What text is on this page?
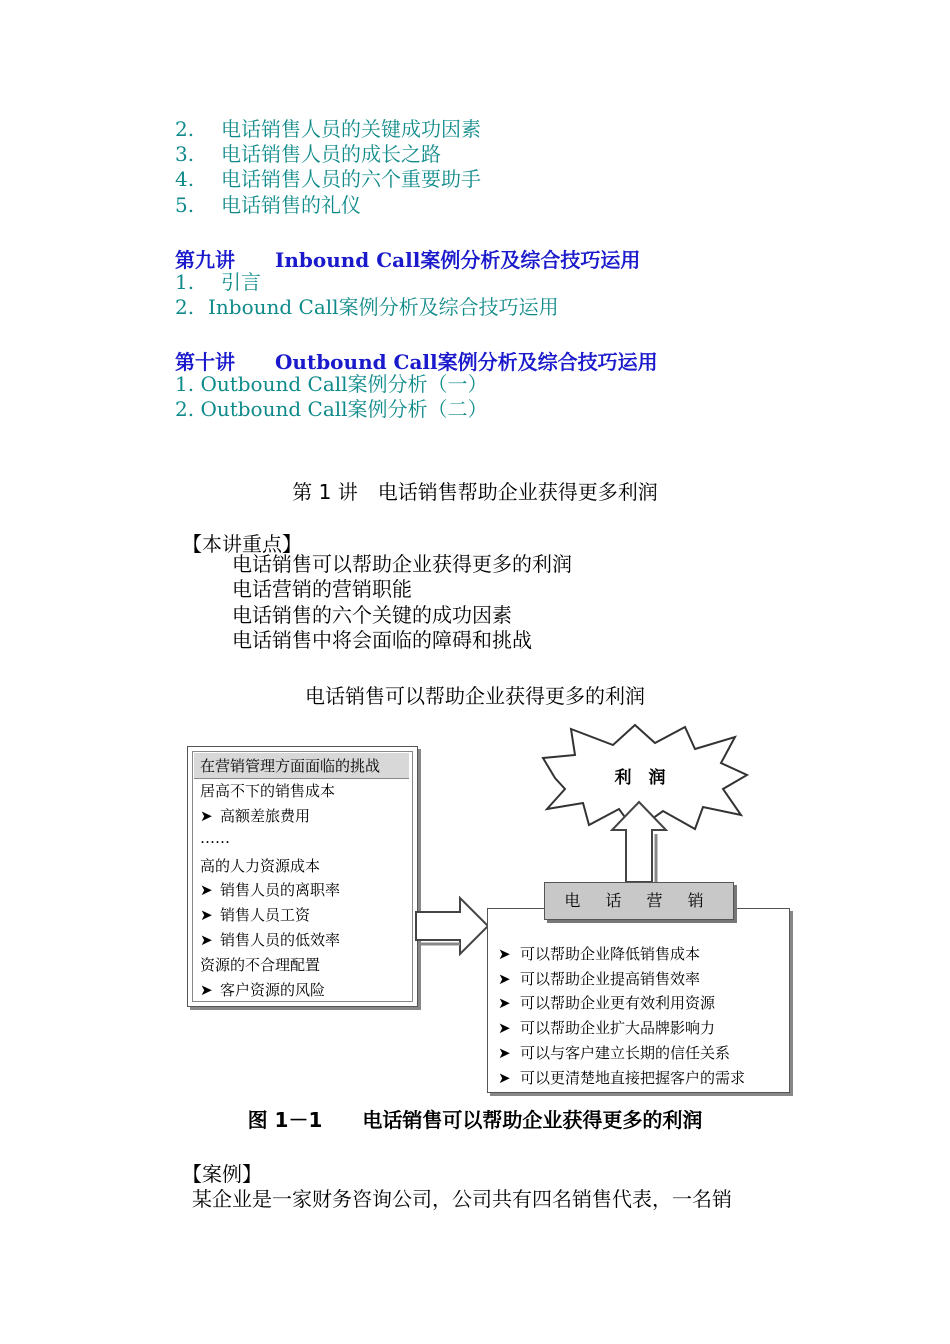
2. 电话销售人员的关键成功因素
3. 电话销售人员的成长之路
4. 电话销售人员的六个重要助手
5. 电话销售的礼仪
第九讲 Inbound Call案例分析及综合技巧运用
1. 引言
2. Inbound Call案例分析及综合技巧运用
第十讲 Outbound Call案例分析及综合技巧运用
1. Outbound Call案例分析（一）
2. Outbound Call案例分析（二）
第 1 讲　电话销售帮助企业获得更多利润
【本讲重点】
电话销售可以帮助企业获得更多的利润
电话营销的营销职能
电话销售的六个关键的成功因素
电话销售中将会面临的障碍和挑战
电话销售可以帮助企业获得更多的利润
利　润
在营销管理方面面临的挑战
居高不下的销售成本
➤ 高额差旅费用
……
高的人力资源成本
➤ 销售人员的离职率
➤ 销售人员工资
➤ 销售人员的低效率
资源的不合理配置
➤ 客户资源的风险
➤ 可以帮助企业降低销售成本
➤ 可以帮助企业提高销售效率
➤ 可以帮助企业更有效利用资源
➤ 可以帮助企业扩大品牌影响力
➤ 可以与客户建立长期的信任关系
➤ 可以更清楚地直接把握客户的需求
电 话 营 销
图 1－1　　电话销售可以帮助企业获得更多的利润
【案例】
某企业是一家财务咨询公司，公司共有四名销售代表，一名销
